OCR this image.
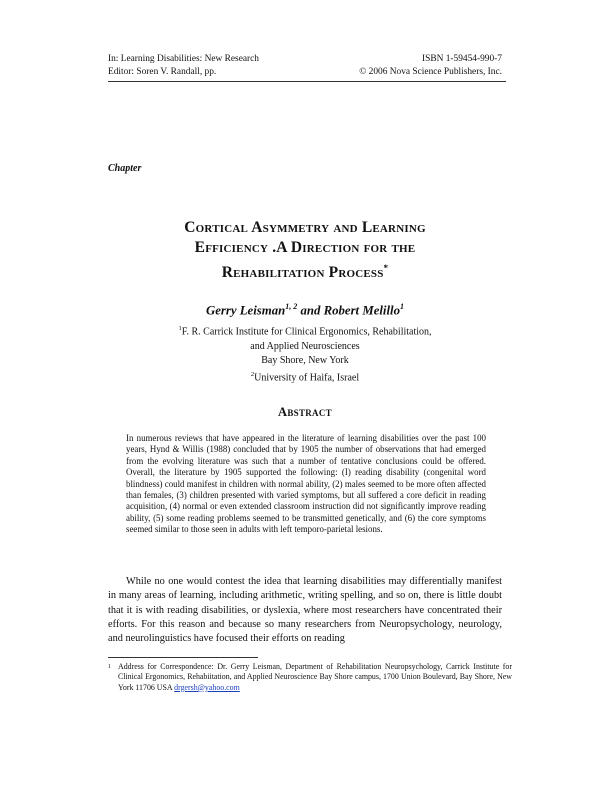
In: Learning Disabilities: New Research	ISBN 1-59454-990-7
Editor: Soren V. Randall, pp.	© 2006 Nova Science Publishers, Inc.
Chapter
Cortical Asymmetry and Learning
Efficiency .A Direction for the
Rehabilitation Process*
Gerry Leisman$^{1, 2}$ and Robert Melillo$^1$
$^1$F. R. Carrick Institute for Clinical Ergonomics, Rehabilitation,
and Applied Neurosciences
Bay Shore, New York
$^2$University of Haifa, Israel
Abstract
In numerous reviews that have appeared in the literature of learning disabilities over the past 100 years, Hynd & Willis (1988) concluded that by 1905 the number of observations that had emerged from the evolving literature was such that a number of tentative conclusions could be offered. Overall, the literature by 1905 supported the following: (I) reading disability (congenital word blindness) could manifest in children with normal ability, (2) males seemed to be more often affected than females, (3) children presented with varied symptoms, but all suffered a core deficit in reading acquisition, (4) normal or even extended classroom instruction did not significantly improve reading ability, (5) some reading problems seemed to be transmitted genetically, and (6) the core symptoms seemed similar to those seen in adults with left temporo-parietal lesions.
While no one would contest the idea that learning disabilities may differentially manifest in many areas of learning, including arithmetic, writing spelling, and so on, there is little doubt that it is with reading disabilities, or dyslexia, where most researchers have concentrated their efforts. For this reason and because so many researchers from Neuropsychology, neurology, and neurolinguistics have focused their efforts on reading
1 Address for Correspondence: Dr. Gerry Leisman, Department of Rehabilitation Neuropsychology, Carrick Institute for Clinical Ergonomics, Rehabiitation, and Applied Neuroscience Bay Shore campus, 1700 Union Boulevard, Bay Shore, New York 11706 USA drgersh@yahoo.com
